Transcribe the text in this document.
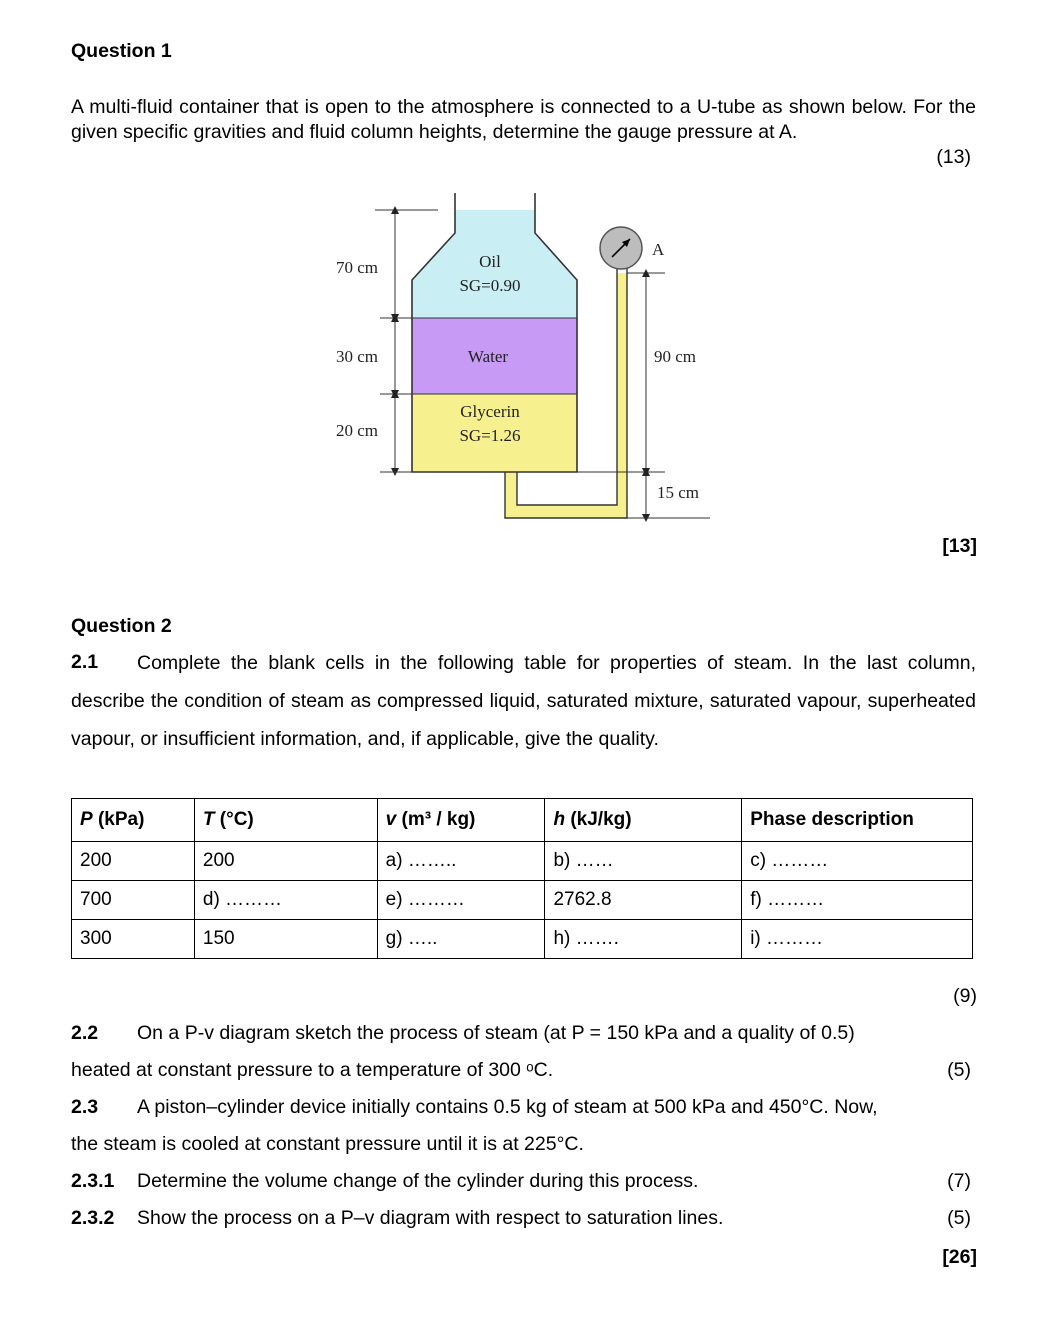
Question 1
A multi-fluid container that is open to the atmosphere is connected to a U-tube as shown below. For the given specific gravities and fluid column heights, determine the gauge pressure at A.
(13)
Oil
SG=0.90
Water
Glycerin
SG=1.26
70 cm
30 cm
20 cm
90 cm
15 cm
A
[13]
Question 2
2.1	Complete the blank cells in the following table for properties of steam. In the last column, describe the condition of steam as compressed liquid, saturated mixture, saturated vapour, superheated vapour, or insufficient information, and, if applicable, give the quality.
P (kPa)	T (°C)	v (m³ / kg)	h (kJ/kg)	Phase description
200	200	a) ……..	b) ……	c) ………
700	d) ………	e) ………	2762.8	f) ………
300	150	g) …..	h) …….	i) ………
(9)
2.2 On a P-v diagram sketch the process of steam (at P = 150 kPa and a quality of 0.5)
heated at constant pressure to a temperature of 300 ᵒC.	(5)
2.3 A piston–cylinder device initially contains 0.5 kg of steam at 500 kPa and 450°C. Now,
the steam is cooled at constant pressure until it is at 225°C.
2.3.1 Determine the volume change of the cylinder during this process.	(7)
2.3.2 Show the process on a P–v diagram with respect to saturation lines.	(5)
[26]
